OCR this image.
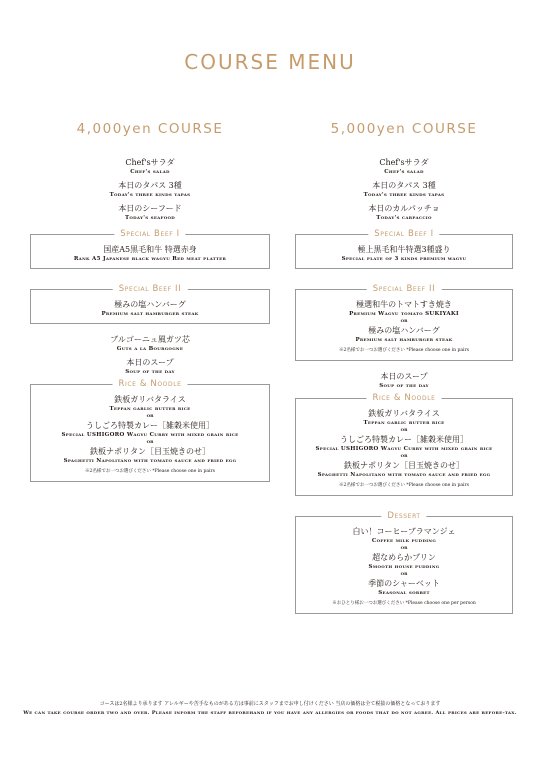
COURSE MENU
4,000yen COURSE
Chef'sサラダ
Chef's salad
本日のタパス 3種
Today's three kinds tapas
本日のシーフード
Today's seafood
Special Beef I
国産A5黒毛和牛 特選赤身
Rank A5 Japanese black wagyu Red meat platter
Special Beef II
極みの塩ハンバーグ
Premium salt hamburger steak
ブルゴーニュ風ガツ芯
Guts a la Bourgogne
本日のスープ
Soup of the day
Rice & Noodle
鉄板ガリバタライス
Teppan garlic butter rice
or
うしごろ特製カレー［雑穀米使用］
Special USHIGORO Wagyu Curry with mixed grain rice
or
鉄板ナポリタン［目玉焼きのせ］
Spaghetti Napolitano with tomato sauce and fried egg
※2名様でお一つお選びください *Please choose one in pairs
5,000yen COURSE
Chef'sサラダ
Chef's salad
本日のタパス 3種
Today's three kinds tapas
本日のカルパッチョ
Today's carpaccio
Special Beef I
極上黒毛和牛特選3種盛り
Special plate of 3 kinds premium wagyu
Special Beef II
極選和牛のトマトすき焼き
Premium Wagyu tomato SUKIYAKI
or
極みの塩ハンバーグ
Premium salt hamburger steak
※2名様でお一つお選びください *Please choose one in pairs
本日のスープ
Soup of the day
Rice & Noodle
鉄板ガリバタライス
Teppan garlic butter rice
or
うしごろ特製カレー［雑穀米使用］
Special USHIGORO Wagyu Curry with mixed grain rice
or
鉄板ナポリタン［目玉焼きのせ］
Spaghetti Napolitano with tomato sauce and fried egg
※2名様でお一つお選びください *Please choose one in pairs
Dessert
白い！コーヒーブラマンジェ
Coffee milk pudding
or
超なめらかプリン
Smooth house pudding
or
季節のシャーベット
Seasonal sorbet
※おひとり様お一つお選びください *Please choose one per person
コースは2名様より承ります アレルギーや苦手なものがある方は事前にスタッフまでお申し付けください 当店の価格は全て税抜の価格となっております
We can take course order two and over. Please inform the staff beforehand if you have any allergies or foods that do not agree. All prices are before-tax.
